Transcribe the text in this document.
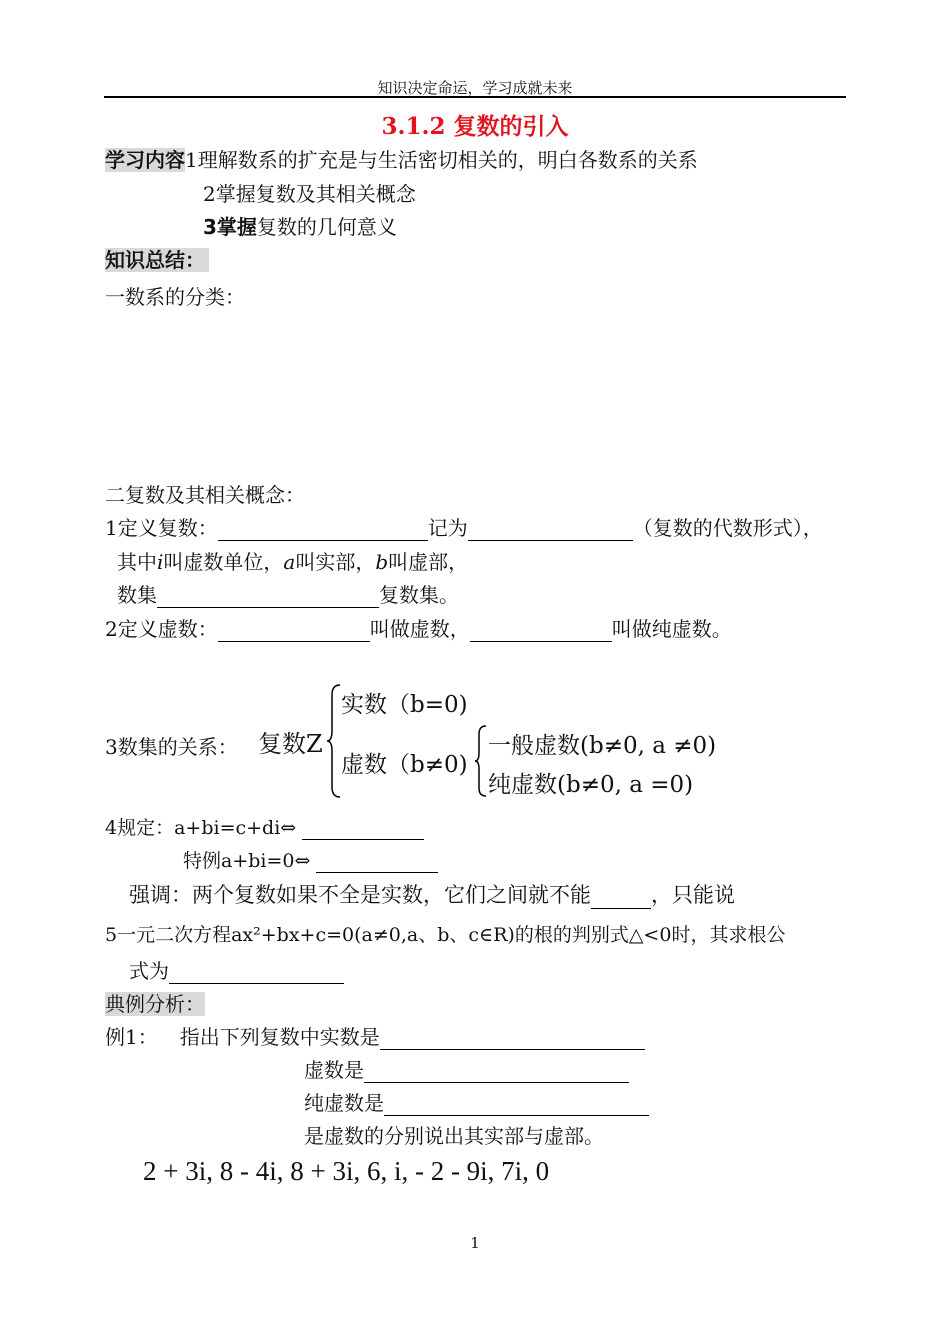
知识决定命运，学习成就未来
3.1.2 复数的引入
学习内容1理解数系的扩充是与生活密切相关的，明白各数系的关系
2掌握复数及其相关概念
3掌握复数的几何意义
知识总结：
一数系的分类：
二复数及其相关概念：
1定义复数：	记为	（复数的代数形式），
其中i叫虚数单位，a叫实部，b叫虚部，
数集	复数集。
2定义虚数：	叫做虚数，	叫做纯虚数。
3数集的关系： 复数Z
实数（b=0)
虚数（b≠0)
一般虚数(b≠0, a ≠0)
纯虚数(b≠0, a =0)
4规定：a+bi=c+di⇔
特例a+bi=0⇔
强调：两个复数如果不全是实数，它们之间就不能	，只能说
5一元二次方程ax²+bx+c=0(a≠0,a、b、c∈R)的根的判别式△<0时，其求根公
式为
典例分析：
例1： 指出下列复数中实数是
虚数是
纯虚数是
是虚数的分别说出其实部与虚部。
2 + 3i, 8 - 4i, 8 + 3i, 6, i, - 2 - 9i, 7i, 0
1
